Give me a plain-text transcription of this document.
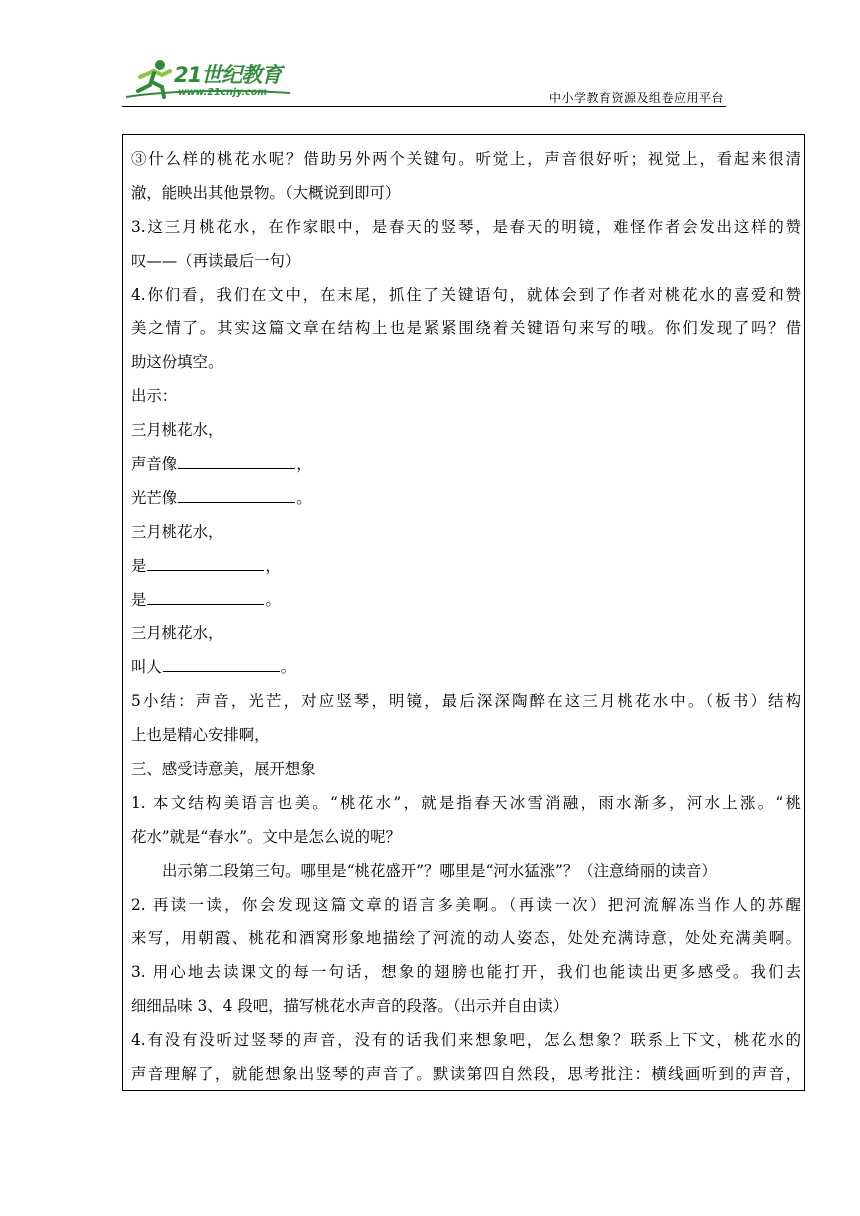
21世纪教育
www.21cnjy.com	中小学教育资源及组卷应用平台
③什么样的桃花水呢？借助另外两个关键句。听觉上，声音很好听；视觉上，看起来很清
澈，能映出其他景物。（大概说到即可）
3.这三月桃花水，在作家眼中，是春天的竖琴，是春天的明镜，难怪作者会发出这样的赞
叹——（再读最后一句）
4.你们看，我们在文中，在末尾，抓住了关键语句，就体会到了作者对桃花水的喜爱和赞
美之情了。其实这篇文章在结构上也是紧紧围绕着关键语句来写的哦。你们发现了吗？借
助这份填空。
出示：
三月桃花水，
声音像	，
光芒像	。
三月桃花水，
是	，
是	。
三月桃花水，
叫人	。
5小结：声音，光芒，对应竖琴，明镜，最后深深陶醉在这三月桃花水中。（板书）结构
上也是精心安排啊，
三、感受诗意美，展开想象
1. 本文结构美语言也美。“桃花水”，就是指春天冰雪消融，雨水渐多，河水上涨。“桃
花水”就是“春水”。文中是怎么说的呢？
出示第二段第三句。哪里是“桃花盛开”？哪里是“河水猛涨”？（注意绮丽的读音）
2. 再读一读，你会发现这篇文章的语言多美啊。（再读一次）把河流解冻当作人的苏醒
来写，用朝霞、桃花和酒窝形象地描绘了河流的动人姿态，处处充满诗意，处处充满美啊。
3. 用心地去读课文的每一句话，想象的翅膀也能打开，我们也能读出更多感受。我们去
细细品味 3、4 段吧，描写桃花水声音的段落。（出示并自由读）
4.有没有没听过竖琴的声音，没有的话我们来想象吧，怎么想象？联系上下文，桃花水的
声音理解了，就能想象出竖琴的声音了。默读第四自然段，思考批注：横线画听到的声音，
